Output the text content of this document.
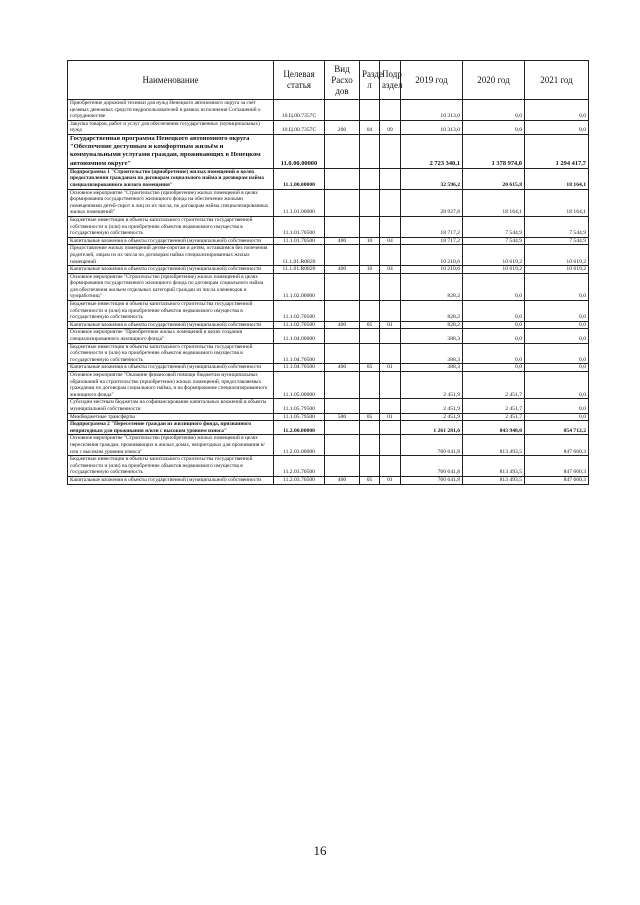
Наименование	Целевая статья	Вид Расхо дов	Разде л	Подр аздел	2019 год	2020 год	2021 год
Приобретение дорожной техники для нужд Ненецкого автономного округа за счёт целевых денежных средств недропользователей в рамках исполнения Соглашений о сотрудничестве	10.Ц.00.7357С				10 313,0	0,0	0,0
Закупка товаров, работ и услуг для обеспечения государственных (муниципальных) нужд	10.Ц.00.7357С	200	04	09	10 313,0	0,0	0,0
Государственная программа Ненецкого автономного округа "Обеспечение доступным и комфортным жильём и коммунальными услугами граждан, проживающих в Ненецком автономном округе"	11.0.00.00000				2 723 340,1	1 378 974,0	1 294 417,7
Подпрограмма 1 "Строительство (приобретение) жилых помещений в целях предоставления гражданам по договорам социального найма и договорам найма специализированного жилого помещения"	11.1.00.00000				32 596,2	20 615,8	18 164,1
Основное мероприятие "Строительство (приобретение) жилых помещений в целях формирования государственного жилищного фонда на обеспечение жилыми помещениями детей-сирот и лиц из их числа, по договорам найма специализированных жилых помещений"	11.1.01.00000				28 927,8	18 164,1	18 164,1
Бюджетные инвестиции в объекты капитального строительства государственной собственности и (или) на приобретение объектов недвижимого имущества в государственную собственность	11.1.01.70500				18 717,2	7 544,9	7 544,9
Капитальные вложения в объекты государственной (муниципальной) собственности	11.1.01.70500	400	10	04	18 717,2	7 544,9	7 544,9
Предоставление жилых помещений детям-сиротам и детям, оставшимся без попечения родителей, лицам из их числа по договорам найма специализированных жилых помещений	11.1.01.R0820				10 210,6	10 619,2	10 619,2
Капитальные вложения в объекты государственной (муниципальной) собственности	11.1.01.R0820	400	10	04	10 210,6	10 619,2	10 619,2
Основное мероприятие "Строительство (приобретение) жилых помещений в целях формирования государственного жилищного фонда по договорам социального найма для обеспечения жильем отдельных категорий граждан из числа оленеводов и чумработниц"	11.1.02.00000				828,2	0,0	0,0
Бюджетные инвестиции в объекты капитального строительства государственной собственности и (или) на приобретение объектов недвижимого имущества в государственную собственность	11.1.02.70500				828,2	0,0	0,0
Капитальные вложения в объекты государственной (муниципальной) собственности	11.1.02.70500	400	05	01	828,2	0,0	0,0
Основное мероприятие "Приобретение жилых помещений в целях создания специализированного жилищного фонда"	11.1.04.00000				388,3	0,0	0,0
Бюджетные инвестиции в объекты капитального строительства государственной собственности и (или) на приобретение объектов недвижимого имущества в государственную собственность	11.1.04.70500				388,3	0,0	0,0
Капитальные вложения в объекты государственной (муниципальной) собственности	11.1.04.70500	400	05	01	388,3	0,0	0,0
Основное мероприятие "Оказание финансовой помощи бюджетам муниципальных образований на строительство (приобретение) жилых помещений, предоставляемых гражданам по договорам социального найма, и на формирование специализированного жилищного фонда"	11.1.05.00000				2 451,9	2 451,7	0,0
Субсидии местным бюджетам на софинансирование капитальных вложений в объекты муниципальной собственности	11.1.05.79500				2 451,9	2 451,7	0,0
Межбюджетные трансферты	11.1.05.79500	500	05	01	2 451,9	2 451,7	0,0
Подпрограмма 2 "Переселение граждан из жилищного фонда, признанного непригодным для проживания и/или с высоким уровнем износа"	11.2.00.00000				1 261 281,6	843 948,0	854 712,2
Основное мероприятие "Строительство (приобретение) жилых помещений в целях переселения граждан, проживающих в жилых домах, непригодных для проживания и/или с высоким уровнем износа"	11.2.03.00000				760 641,8	813 493,5	847 660,3
Бюджетные инвестиции в объекты капитального строительства государственной собственности и (или) на приобретение объектов недвижимого имущества в государственную собственность	11.2.03.70500				760 641,8	813 493,5	847 660,3
Капитальные вложения в объекты государственной (муниципальной) собственности	11.2.03.70500	400	05	01	760 641,8	813 493,5	847 660,3
16
